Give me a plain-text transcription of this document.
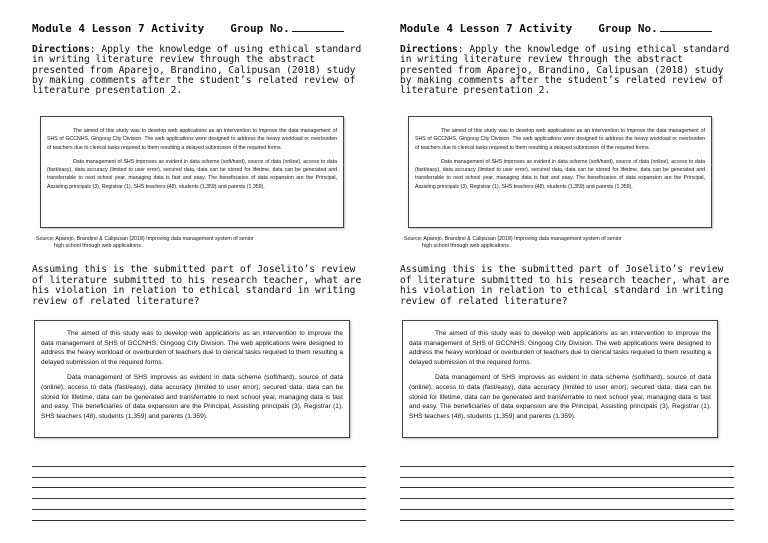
Module 4 Lesson 7 Activity Group No.
Directions: Apply the knowledge of using ethical standard in writing literature review through the abstract presented from Aparejo, Brandino, Calipusan (2018) study by making comments after the student’s related review of literature presentation 2.

The aimed of this study was to develop web applications as an intervention to improve the data management of SHS of GCCNHS, Gingoog City Division. The web applications were designed to address the heavy workload or overburden of teachers due to clerical tasks required to them resulting a delayed submission of the required forms.

Data management of SHS improves as evident in data scheme (soft/hard), source of data (online), access to data (fast/easy), data accuracy (limited to user error), secured data, data can be stored for lifetime, data can be generated and transferrable to next school year, managing data is fast and easy. The beneficiaries of data expansion are the Principal, Assisting principals (3), Registrar (1), SHS teachers (48), students (1,359) and parents (1,359).

Source: Aparejo, Brandino & Calipusan (2018) Improving data management system of senior
high school through web applications.
Assuming this is the submitted part of Joselito’s review of literature submitted to his research teacher, what are his violation in relation to ethical standard in writing review of related literature?

The aimed of this study was to develop web applications as an intervention to improve the data management of SHS of GCCNHS, Gingoog City Division. The web applications were designed to address the heavy workload or overburden of teachers due to clerical tasks required to them resulting a delayed submission of the required forms.

Data management of SHS improves as evident in data scheme (soft/hard), source of data (online), access to data (fast/easy), data accuracy (limited to user error), secured data, data can be stored for lifetime, data can be generated and transferrable to next school year, managing data is fast and easy. The beneficiaries of data expansion are the Principal, Assisting principals (3), Registrar (1), SHS teachers (48), students (1,359) and parents (1,359).

Module 4 Lesson 7 Activity Group No.
Directions: Apply the knowledge of using ethical standard in writing literature review through the abstract presented from Aparejo, Brandino, Calipusan (2018) study by making comments after the student’s related review of literature presentation 2.

The aimed of this study was to develop web applications as an intervention to improve the data management of SHS of GCCNHS, Gingoog City Division. The web applications were designed to address the heavy workload or overburden of teachers due to clerical tasks required to them resulting a delayed submission of the required forms.

Data management of SHS improves as evident in data scheme (soft/hard), source of data (online), access to data (fast/easy), data accuracy (limited to user error), secured data, data can be stored for lifetime, data can be generated and transferrable to next school year, managing data is fast and easy. The beneficiaries of data expansion are the Principal, Assisting principals (3), Registrar (1), SHS teachers (48), students (1,359) and parents (1,359).

Source: Aparejo, Brandino & Calipusan (2018) Improving data management system of senior
high school through web applications.
Assuming this is the submitted part of Joselito’s review of literature submitted to his research teacher, what are his violation in relation to ethical standard in writing review of related literature?

The aimed of this study was to develop web applications as an intervention to improve the data management of SHS of GCCNHS, Gingoog City Division. The web applications were designed to address the heavy workload or overburden of teachers due to clerical tasks required to them resulting a delayed submission of the required forms.

Data management of SHS improves as evident in data scheme (soft/hard), source of data (online), access to data (fast/easy), data accuracy (limited to user error), secured data, data can be stored for lifetime, data can be generated and transferrable to next school year, managing data is fast and easy. The beneficiaries of data expansion are the Principal, Assisting principals (3), Registrar (1), SHS teachers (48), students (1,359) and parents (1,359).
